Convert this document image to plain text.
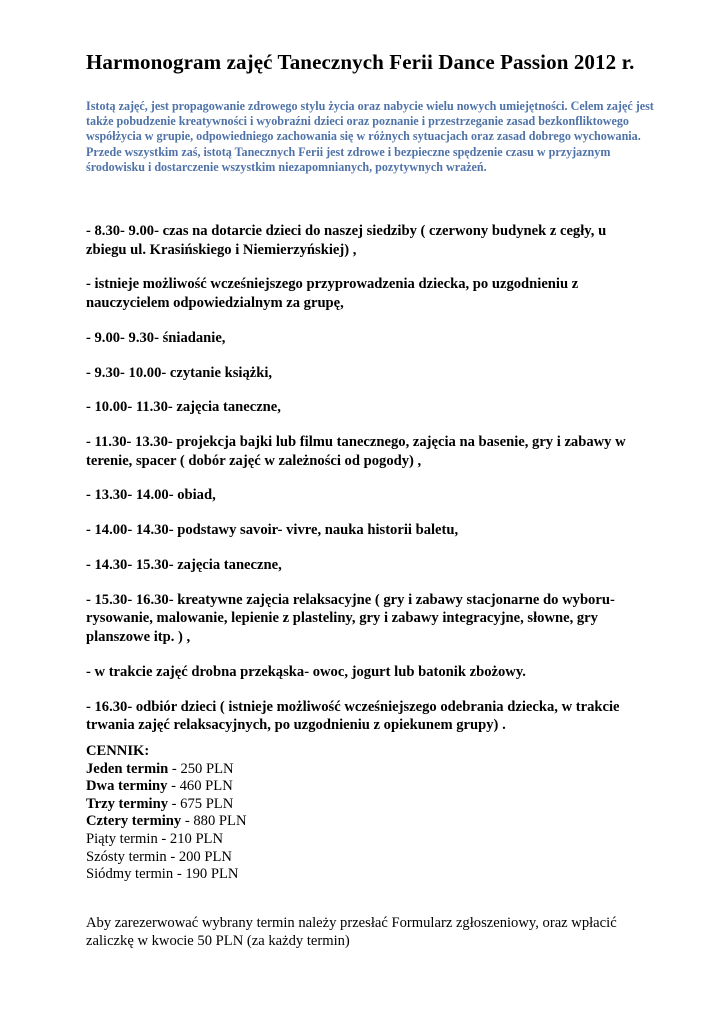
Harmonogram zajęć Tanecznych Ferii Dance Passion 2012 r.

Istotą zajęć, jest propagowanie zdrowego stylu życia oraz nabycie wielu nowych umiejętności. Celem zajęć jest także pobudzenie kreatywności i wyobraźni dzieci oraz poznanie i przestrzeganie zasad bezkonfliktowego współżycia w grupie, odpowiedniego zachowania się w różnych sytuacjach oraz zasad dobrego wychowania. Przede wszystkim zaś, istotą Tanecznych Ferii jest zdrowe i bezpieczne spędzenie czasu w przyjaznym środowisku i dostarczenie wszystkim niezapomnianych, pozytywnych wrażeń.

- 8.30- 9.00- czas na dotarcie dzieci do naszej siedziby ( czerwony budynek z cegły, u zbiegu ul. Krasińskiego i Niemierzyńskiej) ,
- istnieje możliwość wcześniejszego przyprowadzenia dziecka, po uzgodnieniu z nauczycielem odpowiedzialnym za grupę,
- 9.00- 9.30- śniadanie,
- 9.30- 10.00- czytanie książki,
- 10.00- 11.30- zajęcia taneczne,
- 11.30- 13.30- projekcja bajki lub filmu tanecznego, zajęcia na basenie, gry i zabawy w terenie, spacer ( dobór zajęć w zależności od pogody) ,
- 13.30- 14.00- obiad,
- 14.00- 14.30- podstawy savoir- vivre, nauka historii baletu,
- 14.30- 15.30- zajęcia taneczne,
- 15.30- 16.30- kreatywne zajęcia relaksacyjne ( gry i zabawy stacjonarne do wyboru- rysowanie, malowanie, lepienie z plasteliny, gry i zabawy integracyjne, słowne, gry planszowe itp. ) ,
- w trakcie zajęć drobna przekąska- owoc, jogurt lub batonik zbożowy.
- 16.30- odbiór dzieci ( istnieje możliwość wcześniejszego odebrania dziecka, w trakcie trwania zajęć relaksacyjnych, po uzgodnieniu z opiekunem grupy) .
CENNIK:
Jeden termin - 250 PLN
Dwa terminy - 460 PLN
Trzy terminy - 675 PLN
Cztery terminy - 880 PLN
Piąty termin - 210 PLN
Szósty termin - 200 PLN
Siódmy termin - 190 PLN

Aby zarezerwować wybrany termin należy przesłać Formularz zgłoszeniowy, oraz wpłacić zaliczkę w kwocie 50 PLN (za każdy termin)
